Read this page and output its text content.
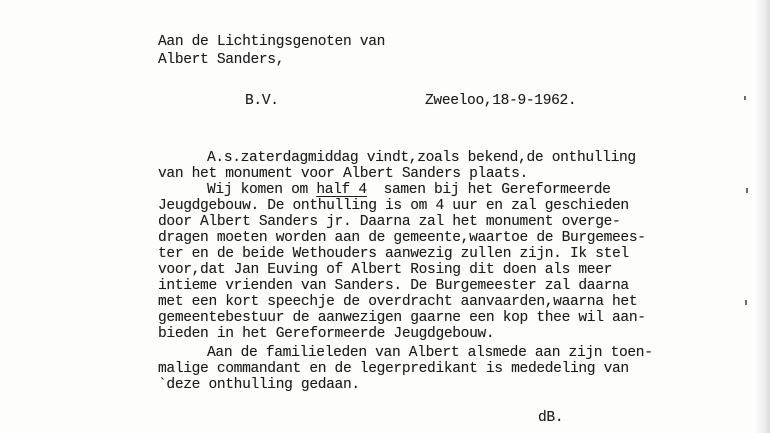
Aan de Lichtingsgenoten van

Albert Sanders,

B.V.	Zweeloo,18-9-1962.

A.s.zaterdagmiddag vindt,zoals bekend,de onthulling

van het monument voor Albert Sanders plaats.

Wij komen om half 4  samen bij het Gereformeerde

Jeugdgebouw. De onthulling is om 4 uur en zal geschieden

door Albert Sanders jr. Daarna zal het monument overge-

dragen moeten worden aan de gemeente,waartoe de Burgemees-

ter en de beide Wethouders aanwezig zullen zijn. Ik stel

voor,dat Jan Euving of Albert Rosing dit doen als meer

intieme vrienden van Sanders. De Burgemeester zal daarna

met een kort speechje de overdracht aanvaarden,waarna het

gemeentebestuur de aanwezigen gaarne een kop thee wil aan-

bieden in het Gereformeerde Jeugdgebouw.

Aan de familieleden van Albert alsmede aan zijn toen-

malige commandant en de legerpredikant is mededeling van

`deze onthulling gedaan.

dB.
